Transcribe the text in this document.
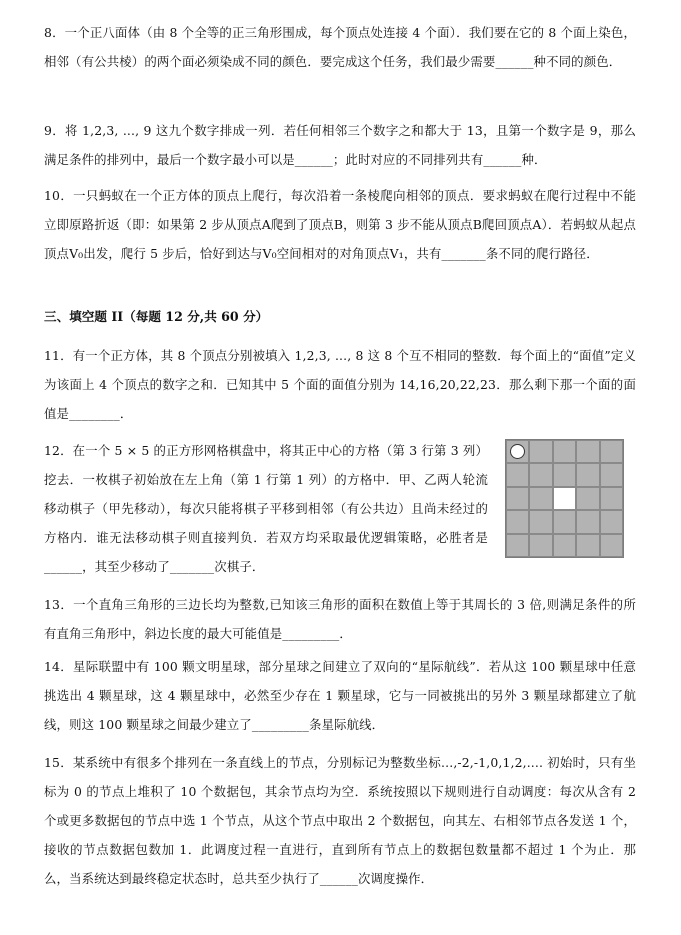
8．一个正八面体（由 8 个全等的正三角形围成，每个顶点处连接 4 个面）．我们要在它的 8 个面上染色，相邻（有公共棱）的两个面必须染成不同的颜色．要完成这个任务，我们最少需要______种不同的颜色．
9．将 1,2,3, ..., 9 这九个数字排成一列．若任何相邻三个数字之和都大于 13，且第一个数字是 9，那么满足条件的排列中，最后一个数字最小可以是______；此时对应的不同排列共有______种．
10．一只蚂蚁在一个正方体的顶点上爬行，每次沿着一条棱爬向相邻的顶点．要求蚂蚁在爬行过程中不能立即原路折返（即：如果第 2 步从顶点A爬到了顶点B，则第 3 步不能从顶点B爬回顶点A）．若蚂蚁从起点顶点V₀出发，爬行 5 步后，恰好到达与V₀空间相对的对角顶点V₁，共有_______条不同的爬行路径．
三、填空题 II（每题 12 分,共 60 分）
11．有一个正方体，其 8 个顶点分别被填入 1,2,3, ..., 8 这 8 个互不相同的整数．每个面上的“面值”定义为该面上 4 个顶点的数字之和．已知其中 5 个面的面值分别为 14,16,20,22,23．那么剩下那一个面的面值是________．
12．在一个 5 × 5 的正方形网格棋盘中，将其正中心的方格（第 3 行第 3 列）挖去．一枚棋子初始放在左上角（第 1 行第 1 列）的方格中．甲、乙两人轮流移动棋子（甲先移动），每次只能将棋子平移到相邻（有公共边）且尚未经过的方格内．谁无法移动棋子则直接判负．若双方均采取最优逻辑策略，必胜者是______，其至少移动了_______次棋子．
13．一个直角三角形的三边长均为整数,已知该三角形的面积在数值上等于其周长的 3 倍,则满足条件的所有直角三角形中，斜边长度的最大可能值是_________．
14．星际联盟中有 100 颗文明星球，部分星球之间建立了双向的“星际航线”．若从这 100 颗星球中任意挑选出 4 颗星球，这 4 颗星球中，必然至少存在 1 颗星球，它与一同被挑出的另外 3 颗星球都建立了航线，则这 100 颗星球之间最少建立了_________条星际航线．
15．某系统中有很多个排列在一条直线上的节点，分别标记为整数坐标...,-2,-1,0,1,2,.... 初始时，只有坐标为 0 的节点上堆积了 10 个数据包，其余节点均为空．系统按照以下规则进行自动调度：每次从含有 2 个或更多数据包的节点中选 1 个节点，从这个节点中取出 2 个数据包，向其左、右相邻节点各发送 1 个，接收的节点数据包数加 1．此调度过程一直进行，直到所有节点上的数据包数量都不超过 1 个为止．那么，当系统达到最终稳定状态时，总共至少执行了______次调度操作．
